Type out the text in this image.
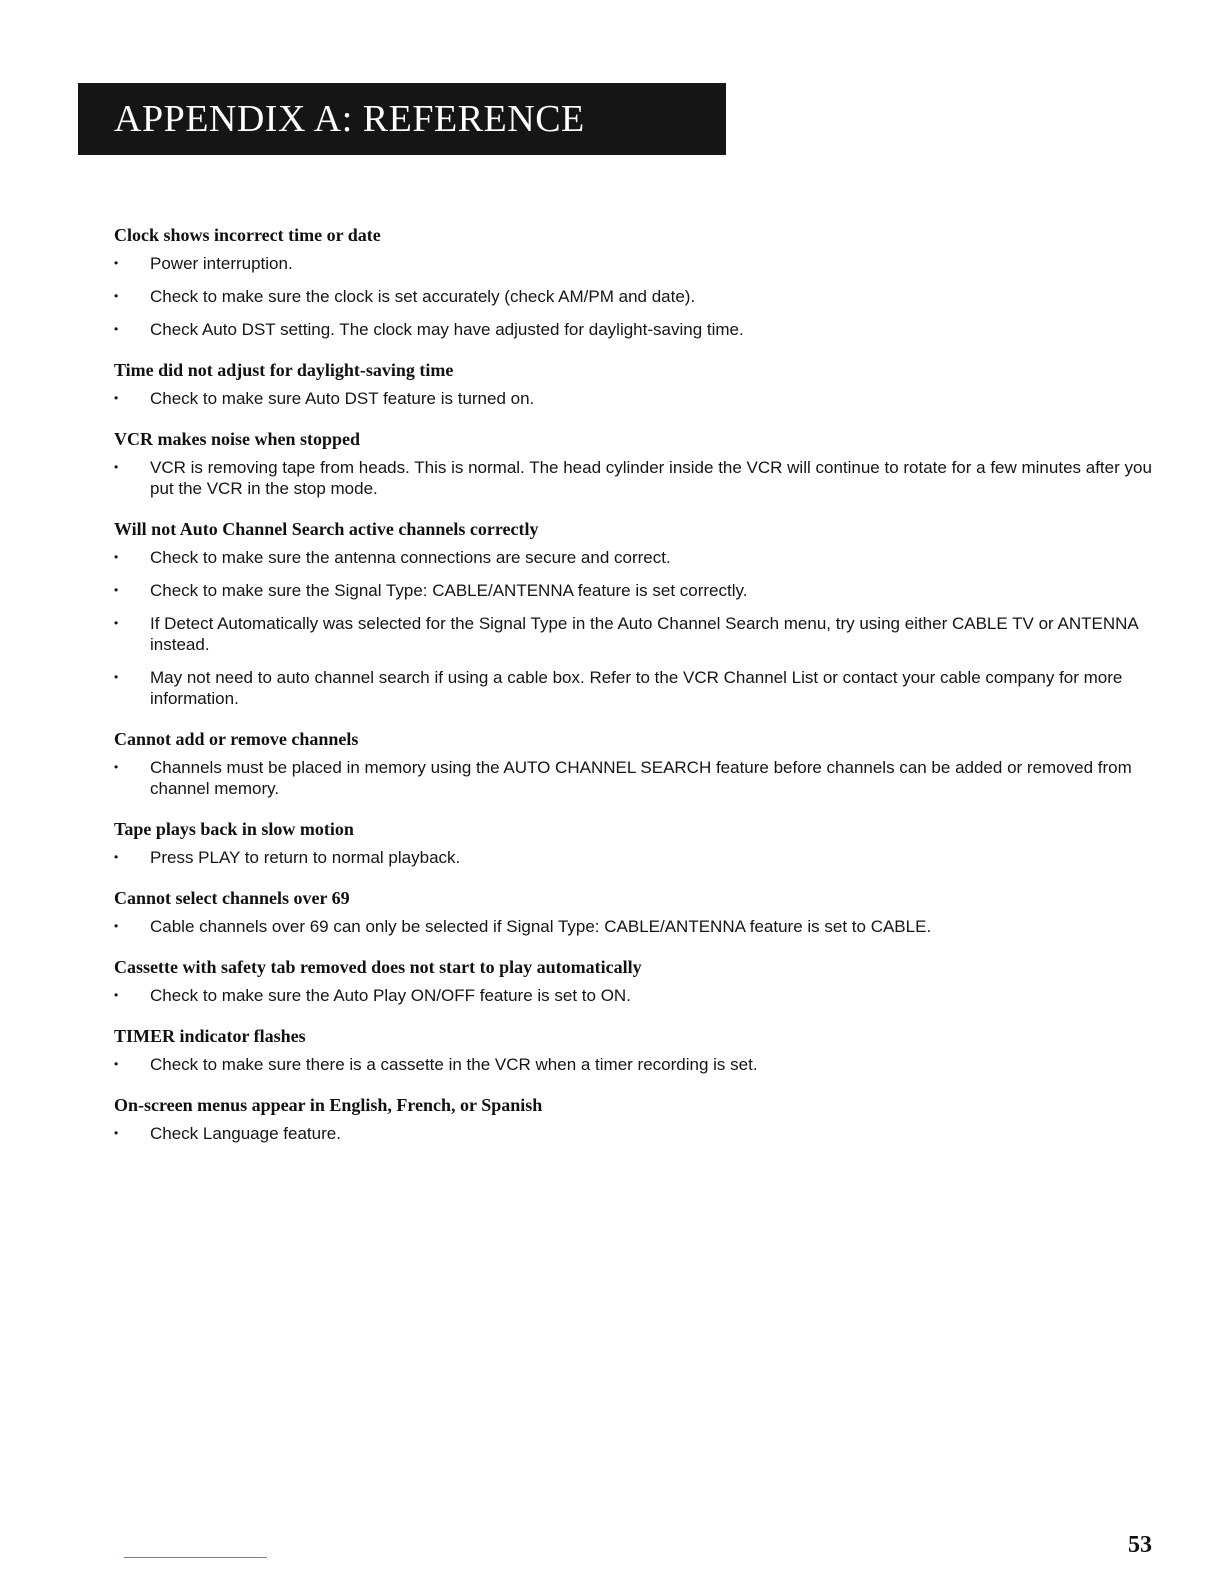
APPENDIX A: REFERENCE
Clock shows incorrect time or date
• Power interruption.
• Check to make sure the clock is set accurately (check AM/PM and date).
• Check Auto DST setting. The clock may have adjusted for daylight-saving time.
Time did not adjust for daylight-saving time
• Check to make sure Auto DST feature is turned on.
VCR makes noise when stopped
• VCR is removing tape from heads. This is normal. The head cylinder inside the VCR will continue to rotate for a few minutes after you put the VCR in the stop mode.
Will not Auto Channel Search active channels correctly
• Check to make sure the antenna connections are secure and correct.
• Check to make sure the Signal Type: CABLE/ANTENNA feature is set correctly.
• If Detect Automatically was selected for the Signal Type in the Auto Channel Search menu, try using either CABLE TV or ANTENNA instead.
• May not need to auto channel search if using a cable box. Refer to the VCR Channel List or contact your cable company for more information.
Cannot add or remove channels
• Channels must be placed in memory using the AUTO CHANNEL SEARCH feature before channels can be added or removed from channel memory.
Tape plays back in slow motion
• Press PLAY to return to normal playback.
Cannot select channels over 69
• Cable channels over 69 can only be selected if Signal Type: CABLE/ANTENNA feature is set to CABLE.
Cassette with safety tab removed does not start to play automatically
• Check to make sure the Auto Play ON/OFF feature is set to ON.
TIMER indicator flashes
• Check to make sure there is a cassette in the VCR when a timer recording is set.
On-screen menus appear in English, French, or Spanish
• Check Language feature.
53
